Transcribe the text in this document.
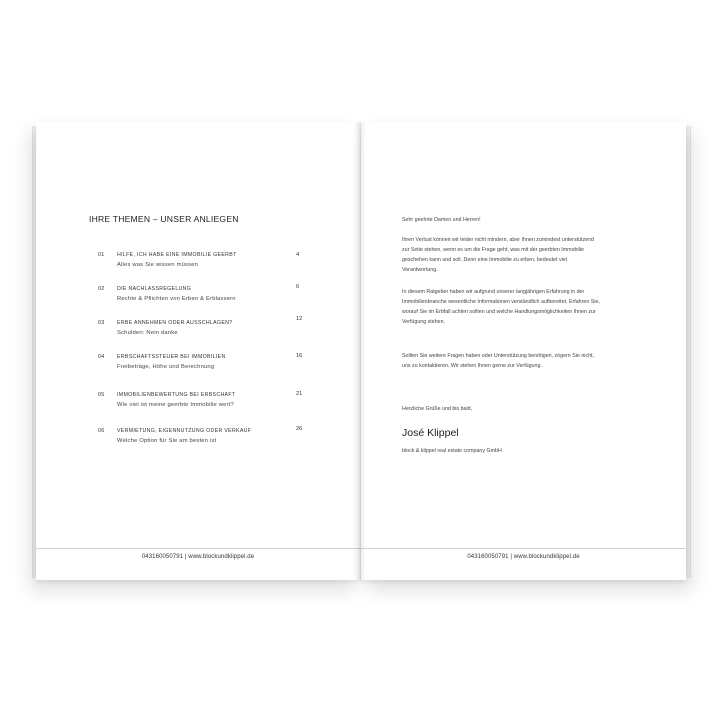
IHRE THEMEN – UNSER ANLIEGEN
01 HILFE, ICH HABE EINE IMMOBILIE GEERBT
Alles was Sie wissen müssen
4
02 DIE NACHLASSREGELUNG
Rechte & Pflichten von Erben & Erblassern
6
03 ERBE ANNEHMEN ODER AUSSCHLAGEN?
Schulden: Nein danke
12
04 ERBSCHAFTSSTEUER BEI IMMOBILIEN
Freibeträge, Höhe und Berechnung
16
05 IMMOBILIENBEWERTUNG BEI ERBSCHAFT
Wie viel ist meine geerbte Immobilie wert?
21
06 VERMIETUNG, EIGENNUTZUNG ODER VERKAUF
Welche Option für Sie am besten ist
26
043160050791 | www.blockundklippel.de

Sehr geehrte Damen und Herren!

Ihren Verlust können wir leider nicht mindern, aber Ihnen zumindest unterstützend zur Seite stehen, wenn es um die Frage geht, was mit der geerbten Immobilie geschehen kann und soll. Denn eine Immobilie zu erben, bedeutet viel Verantwortung.

In diesem Ratgeber haben wir aufgrund unserer langjährigen Erfahrung in der Immobilienbranche wesentliche Informationen verständlich aufbereitet. Erfahren Sie, worauf Sie im Erbfall achten sollten und welche Handlungsmöglichkeiten Ihnen zur Verfügung stehen.

Sollten Sie weitere Fragen haben oder Unterstützung benötigen, zögern Sie nicht, uns zu kontaktieren. Wir stehen Ihnen gerne zur Verfügung.

Herzliche Grüße und bis bald,

José Klippel
block & klippel real estate company GmbH
043160050791 | www.blockundklippel.de
